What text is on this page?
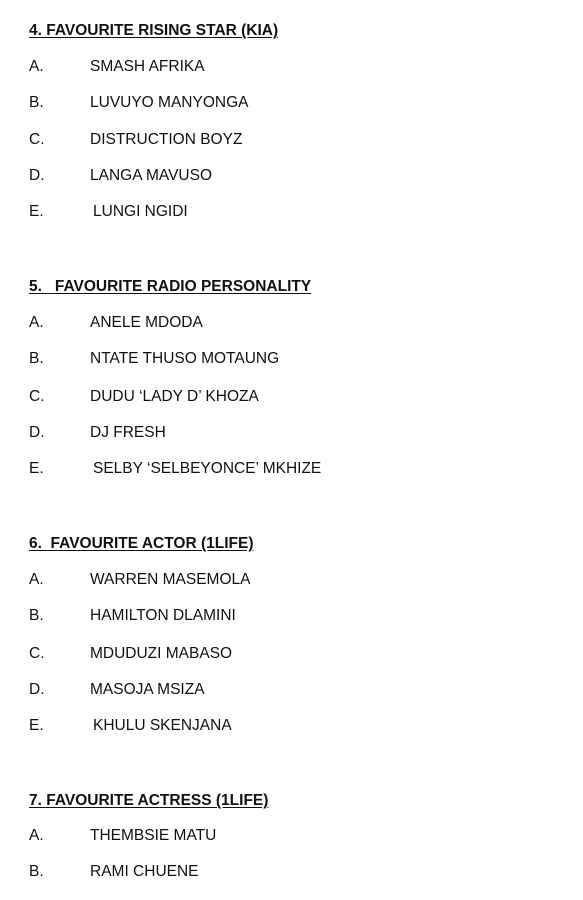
4. FAVOURITE RISING STAR (KIA)
A.	SMASH AFRIKA
B.	LUVUYO MANYONGA
C.	DISTRUCTION BOYZ
D.	LANGA MAVUSO
E.	LUNGI NGIDI
5.   FAVOURITE RADIO PERSONALITY
A.	ANELE MDODA
B.	NTATE THUSO MOTAUNG
C.	DUDU ‘LADY D’ KHOZA
D.	DJ FRESH
E.	SELBY ‘SELBEYONCE’ MKHIZE
6.  FAVOURITE ACTOR (1LIFE)
A.	WARREN MASEMOLA
B.	HAMILTON DLAMINI
C.	MDUDUZI MABASO
D.	MASOJA MSIZA
E.	KHULU SKENJANA
7. FAVOURITE ACTRESS (1LIFE)
A.	THEMBSIE MATU
B.	RAMI CHUENE
